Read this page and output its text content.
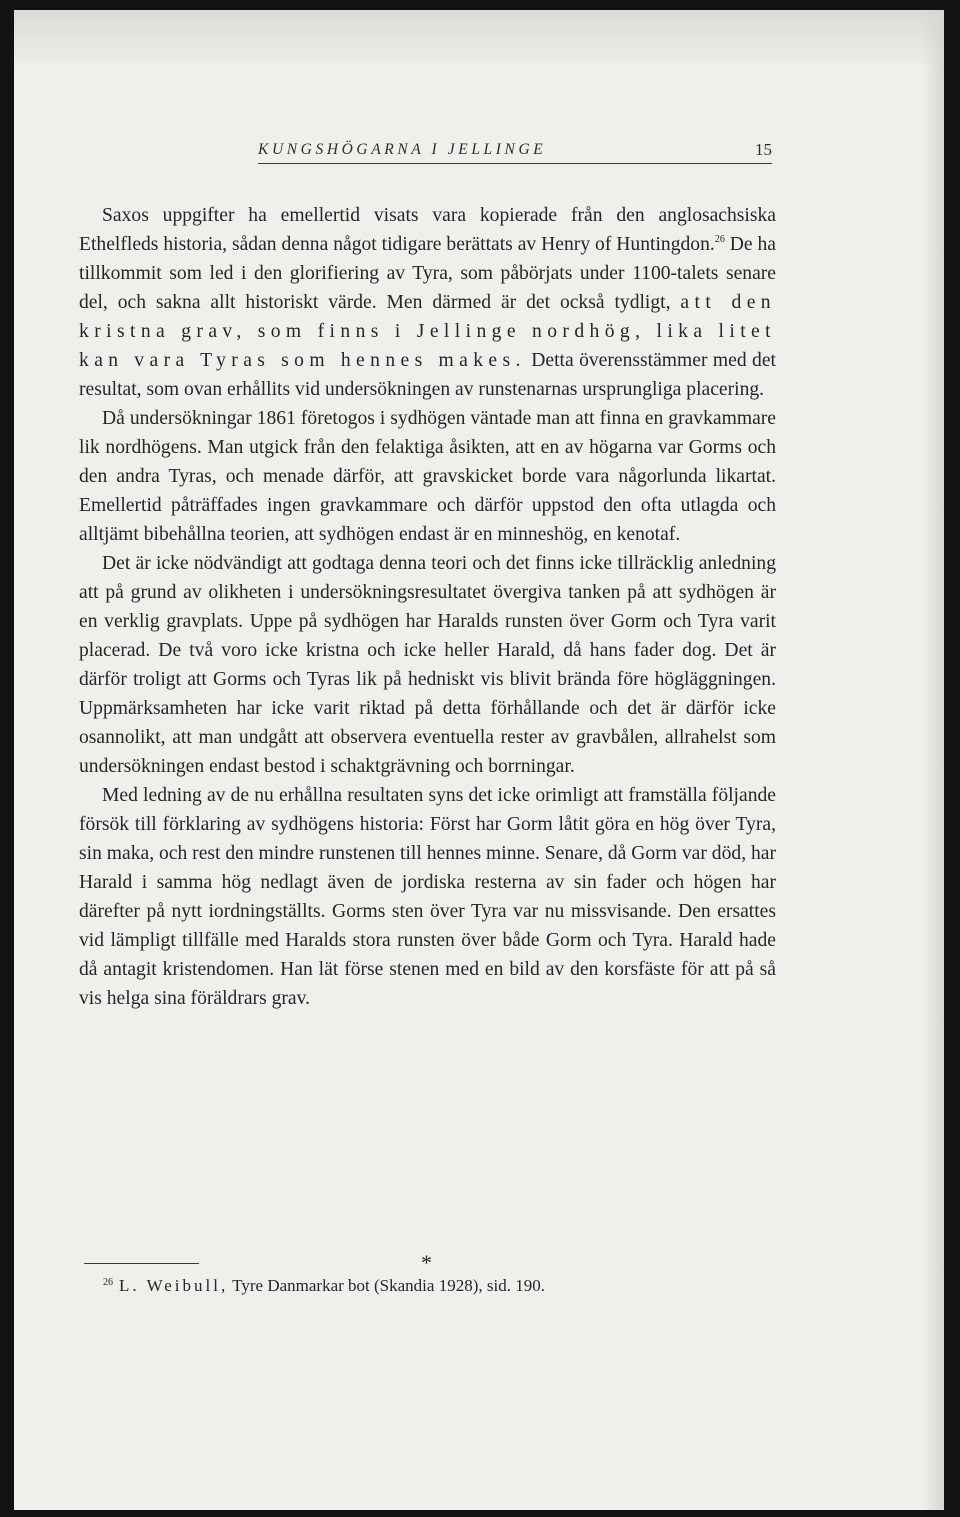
KUNGSHÖGARNA I JELLINGE	15

Saxos uppgifter ha emellertid visats vara kopierade från den anglosachsiska Ethelfleds historia, sådan denna något tidigare berättats av Henry of Huntingdon.$^{26}$ De ha tillkommit som led i den glorifiering av Tyra, som påbörjats under 1100-talets senare del, och sakna allt historiskt värde. Men därmed är det också tydligt, att den kristna grav, som finns i Jellinge nordhög, lika litet kan vara Tyras som hennes makes. Detta överensstämmer med det resultat, som ovan erhållits vid undersökningen av runstenarnas ursprungliga placering.

Då undersökningar 1861 företogos i sydhögen väntade man att finna en gravkammare lik nordhögens. Man utgick från den felaktiga åsikten, att en av högarna var Gorms och den andra Tyras, och menade därför, att gravskicket borde vara någorlunda likartat. Emellertid påträffades ingen gravkammare och därför uppstod den ofta utlagda och alltjämt bibehållna teorien, att sydhögen endast är en minneshög, en kenotaf.

Det är icke nödvändigt att godtaga denna teori och det finns icke tillräcklig anledning att på grund av olikheten i undersökningsresultatet övergiva tanken på att sydhögen är en verklig gravplats. Uppe på sydhögen har Haralds runsten över Gorm och Tyra varit placerad. De två voro icke kristna och icke heller Harald, då hans fader dog. Det är därför troligt att Gorms och Tyras lik på hedniskt vis blivit brända före högläggningen. Uppmärksamheten har icke varit riktad på detta förhållande och det är därför icke osannolikt, att man undgått att observera eventuella rester av gravbålen, allrahelst som undersökningen endast bestod i schaktgrävning och borrningar.

Med ledning av de nu erhållna resultaten syns det icke orimligt att framställa följande försök till förklaring av sydhögens historia: Först har Gorm låtit göra en hög över Tyra, sin maka, och rest den mindre runstenen till hennes minne. Senare, då Gorm var död, har Harald i samma hög nedlagt även de jordiska resterna av sin fader och högen har därefter på nytt iordningställts. Gorms sten över Tyra var nu missvisande. Den ersattes vid lämpligt tillfälle med Haralds stora runsten över både Gorm och Tyra. Harald hade då antagit kristendomen. Han lät förse stenen med en bild av den korsfäste för att på så vis helga sina föräldrars grav.

*
$^{26}$ L. Weibull, Tyre Danmarkar bot (Skandia 1928), sid. 190.
